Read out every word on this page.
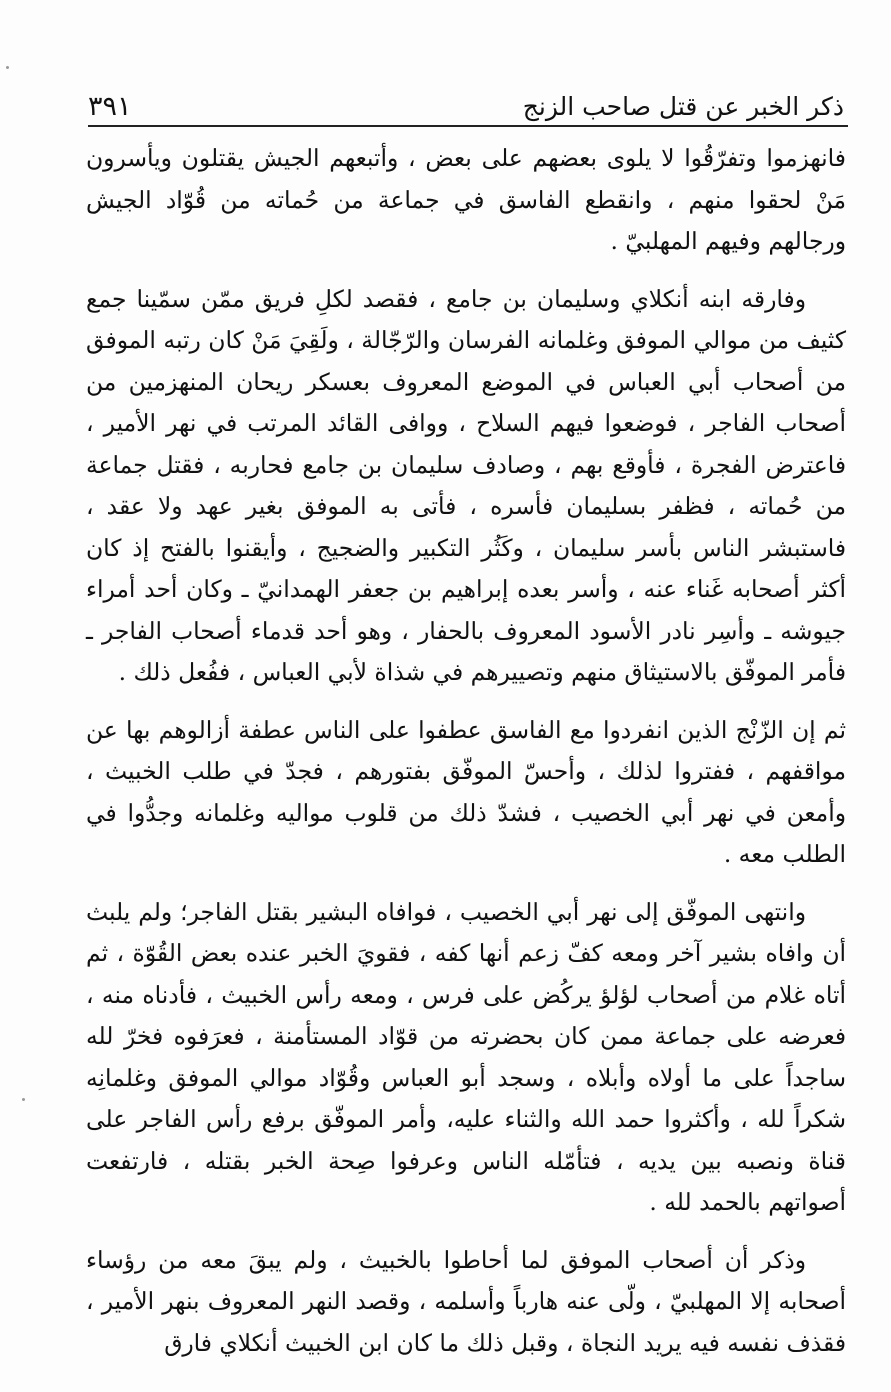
ذكر الخبر عن قتل صاحب الزنج
٣٩١

فانهزموا وتفرّقُوا لا يلوى بعضهم على بعض ، وأتبعهم الجيش يقتلون ويأسرون مَنْ لحقوا منهم ، وانقطع الفاسق في جماعة من حُماته من قُوّاد الجيش ورجالهم وفيهم المهلبيّ .

وفارقه ابنه أنكلاي وسليمان بن جامع ، فقصد لكلِ فريق ممّن سمّينا جمع كثيف من موالي الموفق وغلمانه الفرسان والرّجّالة ، ولَقِيَ مَنْ كان رتبه الموفق من أصحاب أبي العباس في الموضع المعروف بعسكر ريحان المنهزمين من أصحاب الفاجر ، فوضعوا فيهم السلاح ، ووافى القائد المرتب في نهر الأمير ، فاعترض الفجرة ، فأوقع بهم ، وصادف سليمان بن جامع فحاربه ، فقتل جماعة من حُماته ، فظفر بسليمان فأسره ، فأتى به الموفق بغير عهد ولا عقد ، فاستبشر الناس بأسر سليمان ، وكَثُر التكبير والضجيج ، وأيقنوا بالفتح إذ كان أكثر أصحابه غَناء عنه ، وأسر بعده إبراهيم بن جعفر الهمدانيّ ـ وكان أحد أمراء جيوشه ـ وأسِر نادر الأسود المعروف بالحفار ، وهو أحد قدماء أصحاب الفاجر ـ فأمر الموفّق بالاستيثاق منهم وتصييرهم في شذاة لأبي العباس ، ففُعل ذلك .

ثم إن الزّنْج الذين انفردوا مع الفاسق عطفوا على الناس عطفة أزالوهم بها عن مواقفهم ، ففتروا لذلك ، وأحسّ الموفّق بفتورهم ، فجدّ في طلب الخبيث ، وأمعن في نهر أبي الخصيب ، فشدّ ذلك من قلوب مواليه وغلمانه وجدُّوا في الطلب معه .

وانتهى الموفّق إلى نهر أبي الخصيب ، فوافاه البشير بقتل الفاجر؛ ولم يلبث أن وافاه بشير آخر ومعه كفّ زعم أنها كفه ، فقويَ الخبر عنده بعض القُوّة ، ثم أتاه غلام من أصحاب لؤلؤ يركُض على فرس ، ومعه رأس الخبيث ، فأدناه منه ، فعرضه على جماعة ممن كان بحضرته من قوّاد المستأمنة ، فعرَفوه فخرّ لله ساجداً على ما أولاه وأبلاه ، وسجد أبو العباس وقُوّاد موالي الموفق وغلمانِه شكراً لله ، وأكثروا حمد الله والثناء عليه، وأمر الموفّق برفع رأس الفاجر على قناة ونصبه بين يديه ، فتأمّله الناس وعرفوا صِحة الخبر بقتله ، فارتفعت أصواتهم بالحمد لله .

وذكر أن أصحاب الموفق لما أحاطوا بالخبيث ، ولم يبقَ معه من رؤساء أصحابه إلا المهلبيّ ، ولّى عنه هارباً وأسلمه ، وقصد النهر المعروف بنهر الأمير ، فقذف نفسه فيه يريد النجاة ، وقبل ذلك ما كان ابن الخبيث أنكلاي فارق
